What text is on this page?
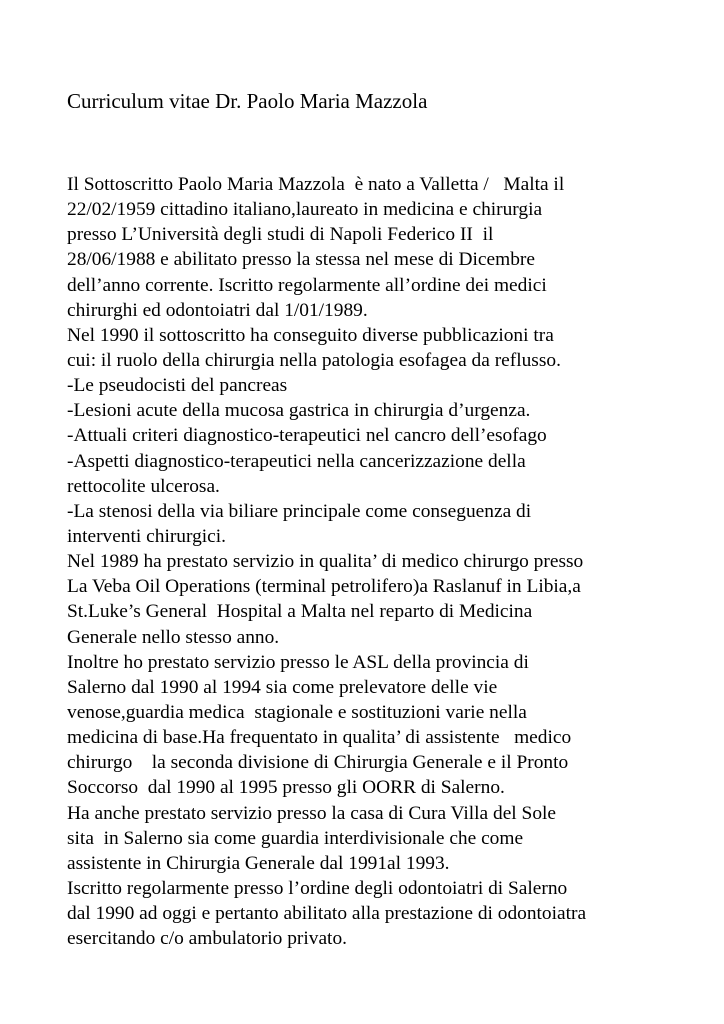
Curriculum vitae Dr. Paolo Maria Mazzola
Il Sottoscritto Paolo Maria Mazzola  è nato a Valletta /   Malta il
22/02/1959 cittadino italiano,laureato in medicina e chirurgia
presso L’Università degli studi di Napoli Federico II  il
28/06/1988 e abilitato presso la stessa nel mese di Dicembre
dell’anno corrente. Iscritto regolarmente all’ordine dei medici
chirurghi ed odontoiatri dal 1/01/1989.
Nel 1990 il sottoscritto ha conseguito diverse pubblicazioni tra
cui: il ruolo della chirurgia nella patologia esofagea da reflusso.
-Le pseudocisti del pancreas
-Lesioni acute della mucosa gastrica in chirurgia d’urgenza.
-Attuali criteri diagnostico-terapeutici nel cancro dell’esofago
-Aspetti diagnostico-terapeutici nella cancerizzazione della
rettocolite ulcerosa.
-La stenosi della via biliare principale come conseguenza di
interventi chirurgici.
Nel 1989 ha prestato servizio in qualita’ di medico chirurgo presso
La Veba Oil Operations (terminal petrolifero)a Raslanuf in Libia,a
St.Luke’s General  Hospital a Malta nel reparto di Medicina
Generale nello stesso anno.
Inoltre ho prestato servizio presso le ASL della provincia di
Salerno dal 1990 al 1994 sia come prelevatore delle vie
venose,guardia medica  stagionale e sostituzioni varie nella
medicina di base.Ha frequentato in qualita’ di assistente   medico
chirurgo    la seconda divisione di Chirurgia Generale e il Pronto
Soccorso  dal 1990 al 1995 presso gli OORR di Salerno.
Ha anche prestato servizio presso la casa di Cura Villa del Sole
sita  in Salerno sia come guardia interdivisionale che come
assistente in Chirurgia Generale dal 1991al 1993.
Iscritto regolarmente presso l’ordine degli odontoiatri di Salerno
dal 1990 ad oggi e pertanto abilitato alla prestazione di odontoiatra
esercitando c/o ambulatorio privato.
